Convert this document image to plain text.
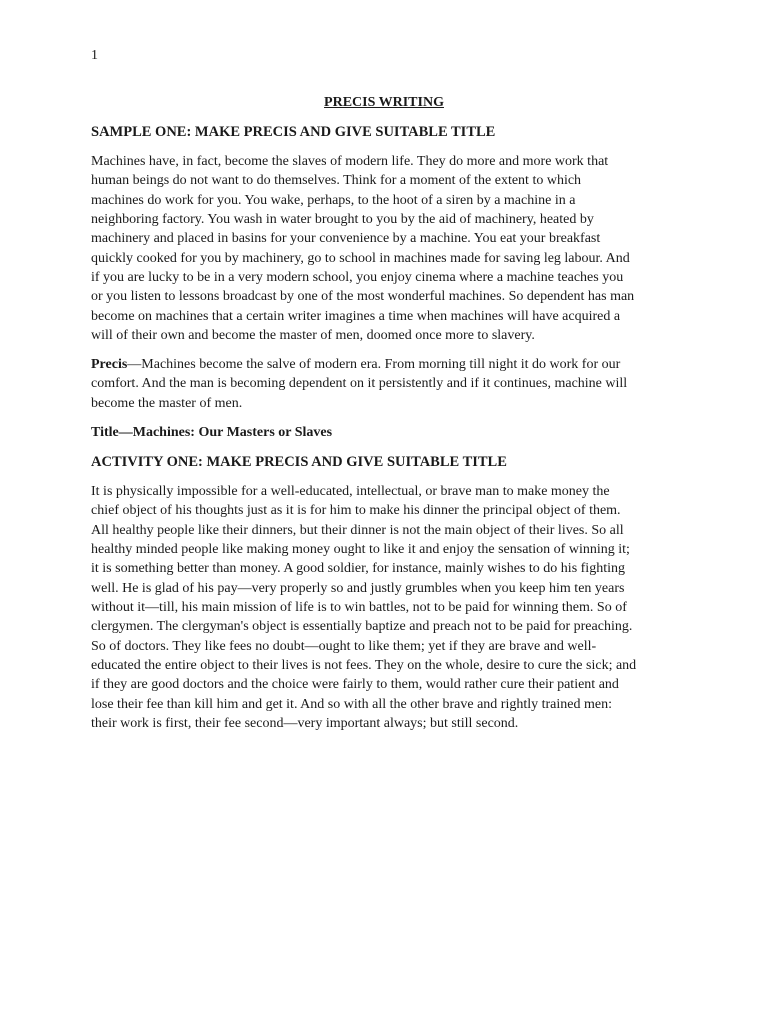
1
PRECIS WRITING
SAMPLE ONE: MAKE PRECIS AND GIVE SUITABLE TITLE
Machines have, in fact, become the slaves of modern life. They do more and more work that
human beings do not want to do themselves. Think for a moment of the extent to which
machines do work for you. You wake, perhaps, to the hoot of a siren by a machine in a
neighboring factory. You wash in water brought to you by the aid of machinery, heated by
machinery and placed in basins for your convenience by a machine. You eat your breakfast
quickly cooked for you by machinery, go to school in machines made for saving leg labour. And
if you are lucky to be in a very modern school, you enjoy cinema where a machine teaches you
or you listen to lessons broadcast by one of the most wonderful machines. So dependent has man
become on machines that a certain writer imagines a time when machines will have acquired a
will of their own and become the master of men, doomed once more to slavery.
Precis—Machines become the salve of modern era. From morning till night it do work for our
comfort. And the man is becoming dependent on it persistently and if it continues, machine will
become the master of men.
Title—Machines: Our Masters or Slaves
ACTIVITY ONE: MAKE PRECIS AND GIVE SUITABLE TITLE
It is physically impossible for a well-educated, intellectual, or brave man to make money the
chief object of his thoughts just as it is for him to make his dinner the principal object of them.
All healthy people like their dinners, but their dinner is not the main object of their lives. So all
healthy minded people like making money ought to like it and enjoy the sensation of winning it;
it is something better than money. A good soldier, for instance, mainly wishes to do his fighting
well. He is glad of his pay—very properly so and justly grumbles when you keep him ten years
without it—till, his main mission of life is to win battles, not to be paid for winning them. So of
clergymen. The clergyman's object is essentially baptize and preach not to be paid for preaching.
So of doctors. They like fees no doubt—ought to like them; yet if they are brave and well-
educated the entire object to their lives is not fees. They on the whole, desire to cure the sick; and
if they are good doctors and the choice were fairly to them, would rather cure their patient and
lose their fee than kill him and get it. And so with all the other brave and rightly trained men:
their work is first, their fee second—very important always; but still second.
